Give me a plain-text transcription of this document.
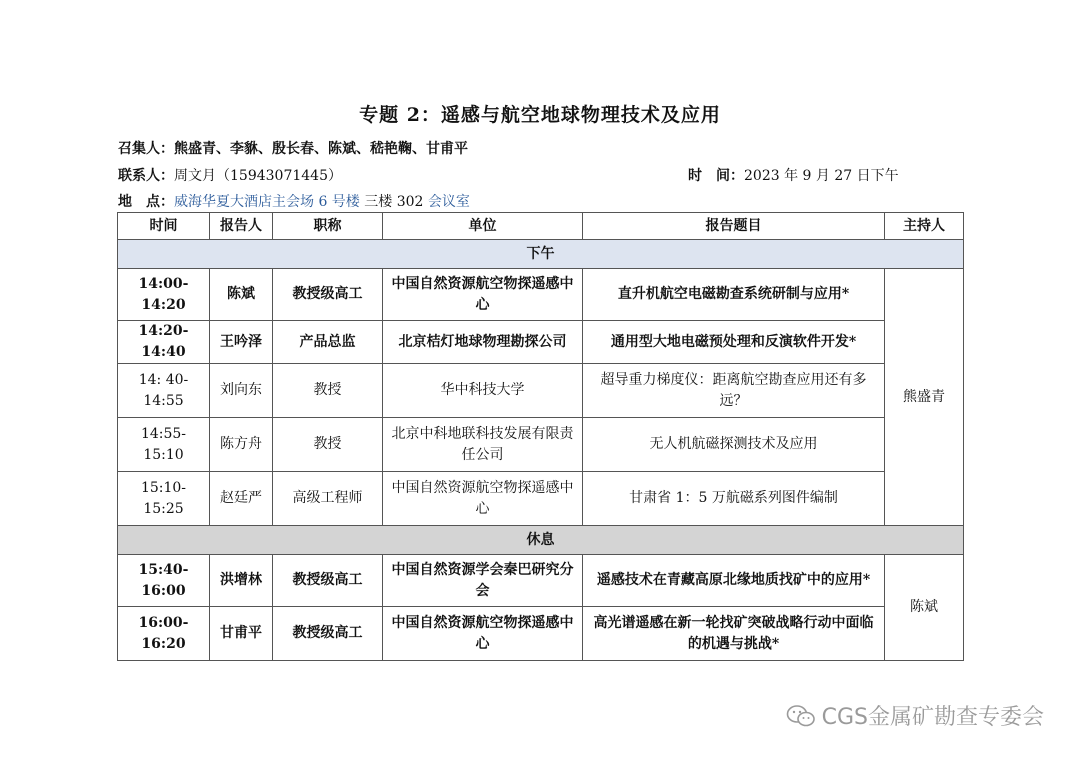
专题 2：遥感与航空地球物理技术及应用
召集人：熊盛青、李貅、殷长春、陈斌、嵇艳鞠、甘甫平
联系人：周文月（15943071445）	时　间：2023 年 9 月 27 日下午
地　点：威海华夏大酒店主会场 6 号楼 三楼 302 会议室
时间	报告人	职称	单位	报告题目	主持人
下午					
14:00-14:20	陈斌	教授级高工	中国自然资源航空物探遥感中心	直升机航空电磁勘查系统研制与应用*	熊盛青
14:20-14:40	王吟泽	产品总监	北京桔灯地球物理勘探公司	通用型大地电磁预处理和反演软件开发*	
14: 40-14:55	刘向东	教授	华中科技大学	超导重力梯度仪：距离航空勘查应用还有多远？	
14:55-15:10	陈方舟	教授	北京中科地联科技发展有限责任公司	无人机航磁探测技术及应用	
15:10-15:25	赵廷严	高级工程师	中国自然资源航空物探遥感中心	甘肃省 1：5 万航磁系列图件编制	
休息					
15:40-16:00	洪增林	教授级高工	中国自然资源学会秦巴研究分会	遥感技术在青藏高原北缘地质找矿中的应用*	陈斌
16:00-16:20	甘甫平	教授级高工	中国自然资源航空物探遥感中心	高光谱遥感在新一轮找矿突破战略行动中面临的机遇与挑战*	
CGS金属矿勘查专委会
